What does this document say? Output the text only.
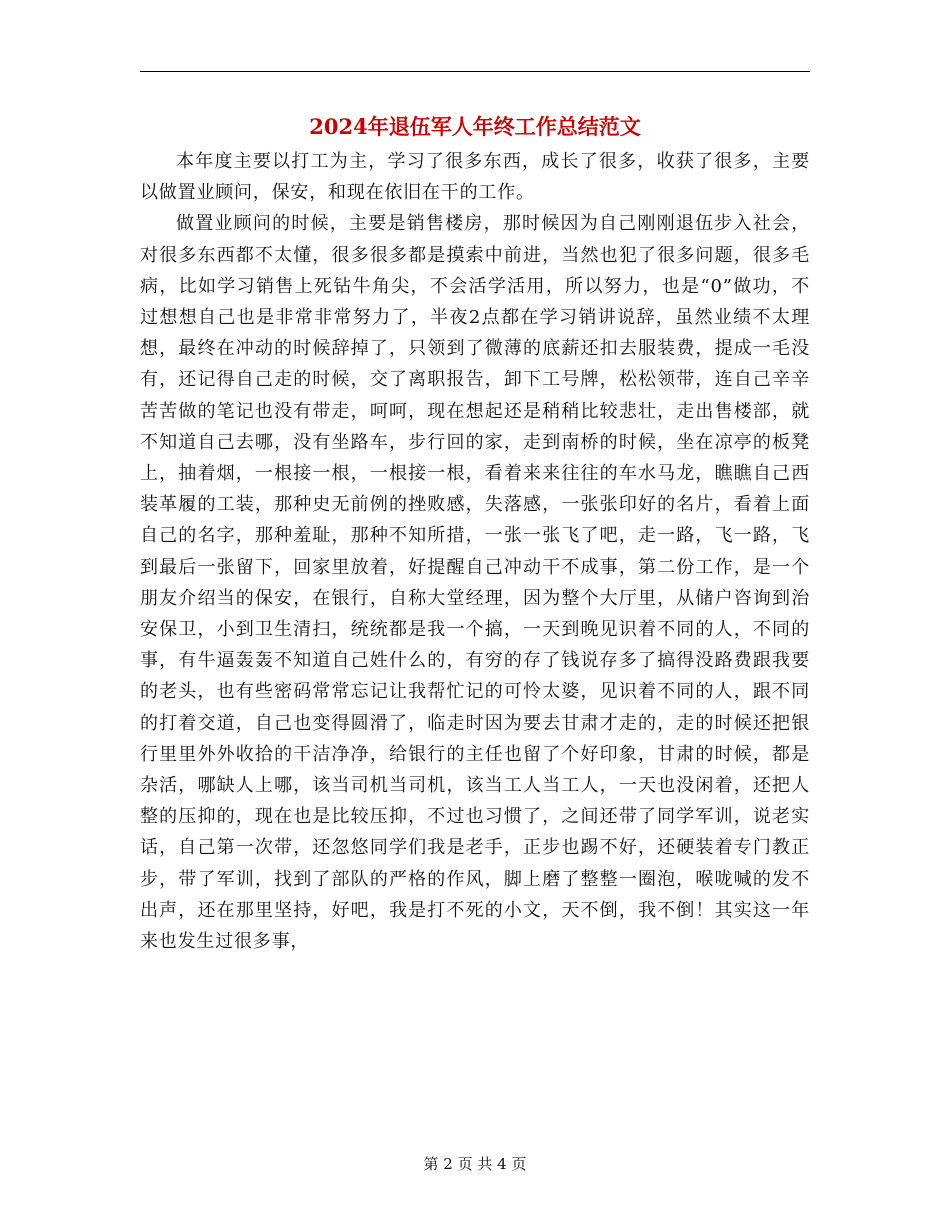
2024年退伍军人年终工作总结范文

本年度主要以打工为主，学习了很多东西，成长了很多，收获了很多，主要以做置业顾问，保安，和现在依旧在干的工作。

做置业顾问的时候，主要是销售楼房，那时候因为自己刚刚退伍步入社会，对很多东西都不太懂，很多很多都是摸索中前进，当然也犯了很多问题，很多毛病，比如学习销售上死钻牛角尖，不会活学活用，所以努力，也是“0”做功，不过想想自己也是非常非常努力了，半夜2点都在学习销讲说辞，虽然业绩不太理想，最终在冲动的时候辞掉了，只领到了微薄的底薪还扣去服装费，提成一毛没有，还记得自己走的时候，交了离职报告，卸下工号牌，松松领带，连自己辛辛苦苦做的笔记也没有带走，呵呵，现在想起还是稍稍比较悲壮，走出售楼部，就不知道自己去哪，没有坐路车，步行回的家，走到南桥的时候，坐在凉亭的板凳上，抽着烟，一根接一根，一根接一根，看着来来往往的车水马龙，瞧瞧自己西装革履的工装，那种史无前例的挫败感，失落感，一张张印好的名片，看着上面自己的名字，那种羞耻，那种不知所措，一张一张飞了吧，走一路，飞一路，飞到最后一张留下，回家里放着，好提醒自己冲动干不成事，第二份工作，是一个朋友介绍当的保安，在银行，自称大堂经理，因为整个大厅里，从储户咨询到治安保卫，小到卫生清扫，统统都是我一个搞，一天到晚见识着不同的人，不同的事，有牛逼轰轰不知道自己姓什么的，有穷的存了钱说存多了搞得没路费跟我要的老头，也有些密码常常忘记让我帮忙记的可怜太婆，见识着不同的人，跟不同的打着交道，自己也变得圆滑了，临走时因为要去甘肃才走的，走的时候还把银行里里外外收拾的干洁净净，给银行的主任也留了个好印象，甘肃的时候，都是杂活，哪缺人上哪，该当司机当司机，该当工人当工人，一天也没闲着，还把人整的压抑的，现在也是比较压抑，不过也习惯了，之间还带了同学军训，说老实话，自己第一次带，还忽悠同学们我是老手，正步也踢不好，还硬装着专门教正步，带了军训，找到了部队的严格的作风，脚上磨了整整一圈泡，喉咙喊的发不出声，还在那里坚持，好吧，我是打不死的小文，天不倒，我不倒！其实这一年来也发生过很多事，

第 2 页 共 4 页
